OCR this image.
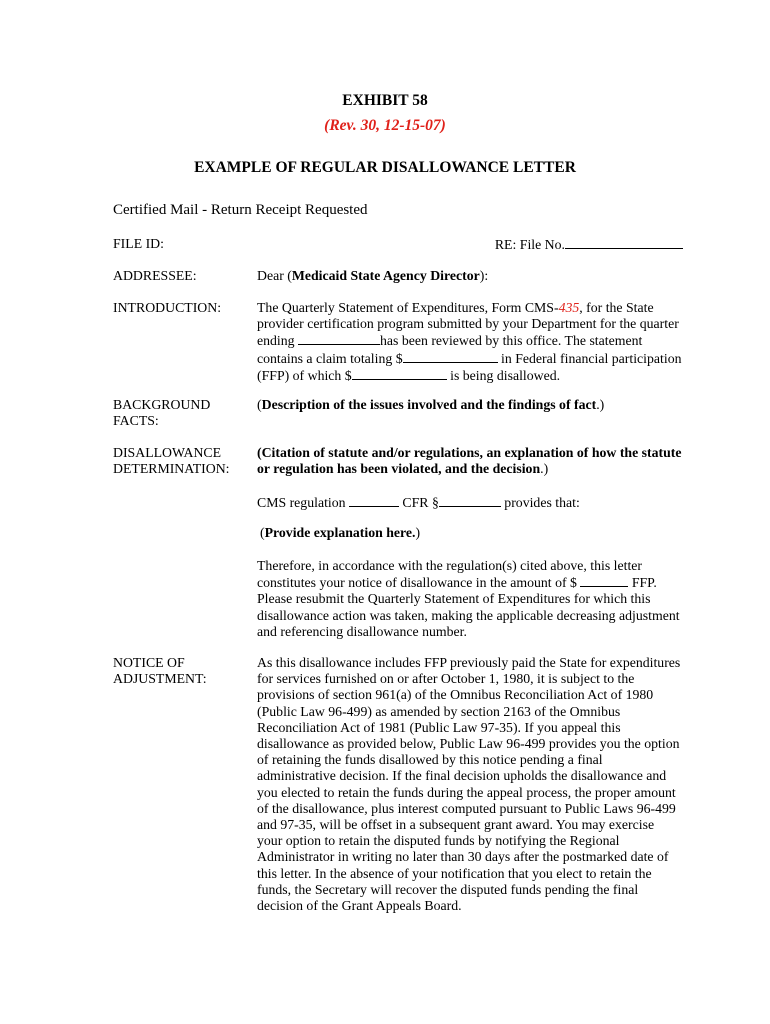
EXHIBIT 58
(Rev. 30, 12-15-07)
EXAMPLE OF REGULAR DISALLOWANCE LETTER
Certified Mail - Return Receipt Requested
FILE ID:	RE: File No.
ADDRESSEE:	Dear (Medicaid State Agency Director):
INTRODUCTION:	The Quarterly Statement of Expenditures, Form CMS-435, for the State
provider certification program submitted by your Department for the quarter
ending	has been reviewed by this office. The statement
contains a claim totaling $	in Federal financial participation
(FFP) of which $	is being disallowed.
BACKGROUND
FACTS:
(Description of the issues involved and the findings of fact.)
DISALLOWANCE
DETERMINATION:
(Citation of statute and/or regulations, an explanation of how the statute
or regulation has been violated, and the decision.)
CMS regulation	CFR §	provides that:
(Provide explanation here.)
Therefore, in accordance with the regulation(s) cited above, this letter
constitutes your notice of disallowance in the amount of $	FFP.
Please resubmit the Quarterly Statement of Expenditures for which this
disallowance action was taken, making the applicable decreasing adjustment
and referencing disallowance number.
NOTICE OF
ADJUSTMENT:
As this disallowance includes FFP previously paid the State for expenditures
for services furnished on or after October 1, 1980, it is subject to the
provisions of section 961(a) of the Omnibus Reconciliation Act of 1980
(Public Law 96-499) as amended by section 2163 of the Omnibus
Reconciliation Act of 1981 (Public Law 97-35). If you appeal this
disallowance as provided below, Public Law 96-499 provides you the option
of retaining the funds disallowed by this notice pending a final
administrative decision. If the final decision upholds the disallowance and
you elected to retain the funds during the appeal process, the proper amount
of the disallowance, plus interest computed pursuant to Public Laws 96-499
and 97-35, will be offset in a subsequent grant award. You may exercise
your option to retain the disputed funds by notifying the Regional
Administrator in writing no later than 30 days after the postmarked date of
this letter. In the absence of your notification that you elect to retain the
funds, the Secretary will recover the disputed funds pending the final
decision of the Grant Appeals Board.
